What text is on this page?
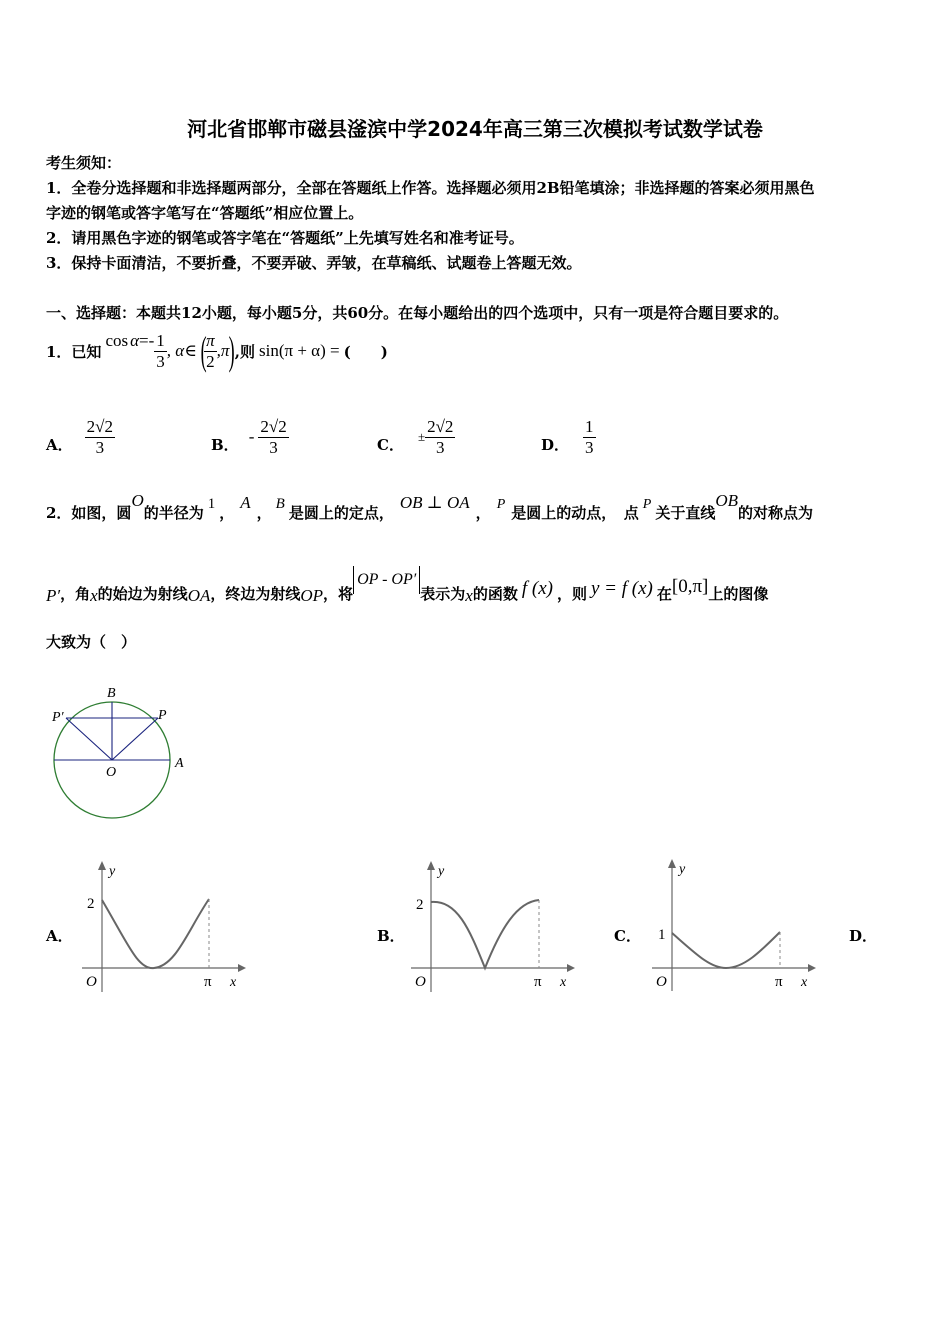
河北省邯郸市磁县滏滨中学2024年高三第三次模拟考试数学试卷
考生须知：
1．全卷分选择题和非选择题两部分，全部在答题纸上作答。选择题必须用2B铅笔填涂；非选择题的答案必须用黑色
字迹的钢笔或答字笔写在“答题纸”相应位置上。
2．请用黑色字迹的钢笔或答字笔在“答题纸”上先填写姓名和准考证号。
3．保持卡面清洁，不要折叠，不要弄破、弄皱，在草稿纸、试题卷上答题无效。
一、选择题：本题共12小题，每小题5分，共60分。在每小题给出的四个选项中，只有一项是符合题目要求的。
1．已知
$\cos \alpha =- \frac{1}{3}$ , α∈ (
$\frac{\pi}{2} ,\pi$ ) ,则 sin(π + α) = (　　)
A． $\frac{2√2}{3}$	B． - $\frac{2√2}{3}$	C． ± $\frac{2√2}{3}$	D． $\frac{1}{3}$
2．如图，圆
O
的半径为 1 ，
A
， B 是圆上的定点，
OB ⊥ OA
， P 是圆上的动点，　点 P 关于直线
OB
的对称点为
P′ ，角 x 的始边为射线 OA ，终边为射线 OP ，将
OP - OP′
表示为 x 的函数 f (x) ，则 y = f (x) 在 [0,π] 上的图像
大致为（　）
B
P
P′
O
A
A．
y
O	π x
2
B．
y
O	π x
2
C．
y
O	π x
1	D．
